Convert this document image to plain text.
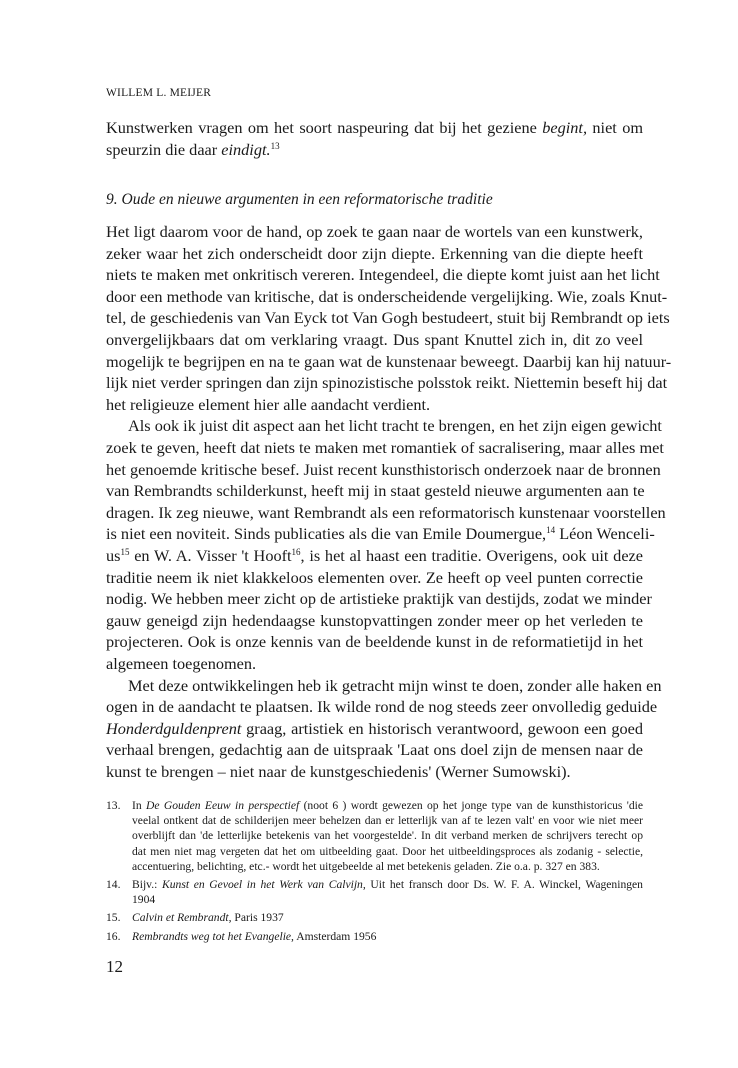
WILLEM L. MEIJER
Kunstwerken vragen om het soort naspeuring dat bij het geziene begint, niet om
speurzin die daar eindigt.$^{13}$
9. Oude en nieuwe argumenten in een reformatorische traditie
Het ligt daarom voor de hand, op zoek te gaan naar de wortels van een kunstwerk,
zeker waar het zich onderscheidt door zijn diepte. Erkenning van die diepte heeft
niets te maken met onkritisch vereren. Integendeel, die diepte komt juist aan het licht
door een methode van kritische, dat is onderscheidende vergelijking. Wie, zoals Knut-
tel, de geschiedenis van Van Eyck tot Van Gogh bestudeert, stuit bij Rembrandt op iets
onvergelijkbaars dat om verklaring vraagt. Dus spant Knuttel zich in, dit zo veel
mogelijk te begrijpen en na te gaan wat de kunstenaar beweegt. Daarbij kan hij natuur-
lijk niet verder springen dan zijn spinozistische polsstok reikt. Niettemin beseft hij dat
het religieuze element hier alle aandacht verdient.
Als ook ik juist dit aspect aan het licht tracht te brengen, en het zijn eigen gewicht
zoek te geven, heeft dat niets te maken met romantiek of sacralisering, maar alles met
het genoemde kritische besef. Juist recent kunsthistorisch onderzoek naar de bronnen
van Rembrandts schilderkunst, heeft mij in staat gesteld nieuwe argumenten aan te
dragen. Ik zeg nieuwe, want Rembrandt als een reformatorisch kunstenaar voorstellen
is niet een noviteit. Sinds publicaties als die van Emile Doumergue,$^{14}$ Léon Wenceli-
$us^{15}$ en W. A. Visser 't Hooft$^{16}$, is het al haast een traditie. Overigens, ook uit deze
traditie neem ik niet klakkeloos elementen over. Ze heeft op veel punten correctie
nodig. We hebben meer zicht op de artistieke praktijk van destijds, zodat we minder
gauw geneigd zijn hedendaagse kunstopvattingen zonder meer op het verleden te
projecteren. Ook is onze kennis van de beeldende kunst in de reformatietijd in het
algemeen toegenomen.
Met deze ontwikkelingen heb ik getracht mijn winst te doen, zonder alle haken en
ogen in de aandacht te plaatsen. Ik wilde rond de nog steeds zeer onvolledig geduide
Honderdguldenprent graag, artistiek en historisch verantwoord, gewoon een goed
verhaal brengen, gedachtig aan de uitspraak 'Laat ons doel zijn de mensen naar de
kunst te brengen – niet naar de kunstgeschiedenis' (Werner Sumowski).
13. In De Gouden Eeuw in perspectief (noot 6 ) wordt gewezen op het jonge type van de kunsthistoricus 'die
veelal ontkent dat de schilderijen meer behelzen dan er letterlijk van af te lezen valt' en voor wie niet meer
overblijft dan 'de letterlijke betekenis van het voorgestelde'. In dit verband merken de schrijvers terecht op
dat men niet mag vergeten dat het om uitbeelding gaat. Door het uitbeeldingsproces als zodanig - selectie,
accentuering, belichting, etc.- wordt het uitgebeelde al met betekenis geladen. Zie o.a. p. 327 en 383.
14. Bijv.: Kunst en Gevoel in het Werk van Calvijn, Uit het fransch door Ds. W. F. A. Winckel, Wageningen
1904
15. Calvin et Rembrandt, Paris 1937
16. Rembrandts weg tot het Evangelie, Amsterdam 1956
12
